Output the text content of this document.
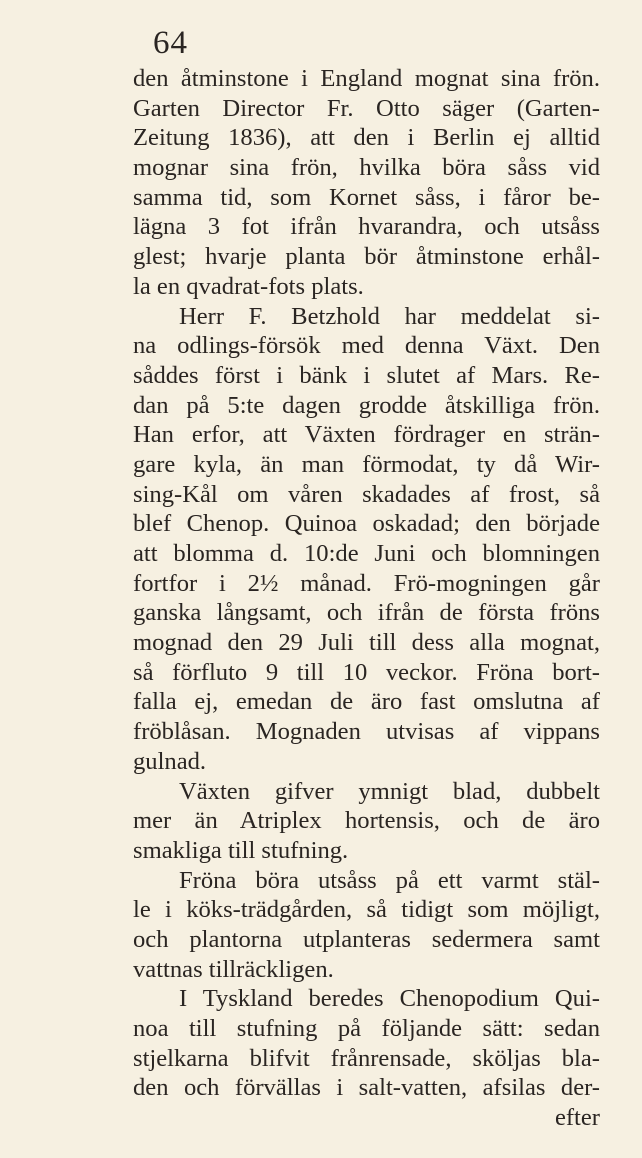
64
den åtminstone i England mognat sina frön.
Garten Director Fr. Otto säger (Garten-
Zeitung 1836), att den i Berlin ej alltid
mognar sina frön, hvilka böra såss vid
samma tid, som Kornet såss, i fåror be-
lägna 3 fot ifrån hvarandra, och utsåss
glest; hvarje planta bör åtminstone erhål-
la en qvadrat-fots plats.
Herr F. Betzhold har meddelat si-
na odlings-försök med denna Växt. Den
såddes först i bänk i slutet af Mars. Re-
dan på 5:te dagen grodde åtskilliga frön.
Han erfor, att Växten fördrager en strän-
gare kyla, än man förmodat, ty då Wir-
sing-Kål om våren skadades af frost, så
blef Chenop. Quinoa oskadad; den började
att blomma d. 10:de Juni och blomningen
fortfor i 2½ månad. Frö-mogningen går
ganska långsamt, och ifrån de första fröns
mognad den 29 Juli till dess alla mognat,
så förfluto 9 till 10 veckor. Fröna bort-
falla ej, emedan de äro fast omslutna af
fröblåsan. Mognaden utvisas af vippans
gulnad.
Växten gifver ymnigt blad, dubbelt
mer än Atriplex hortensis, och de äro
smakliga till stufning.
Fröna böra utsåss på ett varmt stäl-
le i köks-trädgården, så tidigt som möjligt,
och plantorna utplanteras sedermera samt
vattnas tillräckligen.
I Tyskland beredes Chenopodium Qui-
noa till stufning på följande sätt: sedan
stjelkarna blifvit frånrensade, sköljas bla-
den och förvällas i salt-vatten, afsilas der-
efter
